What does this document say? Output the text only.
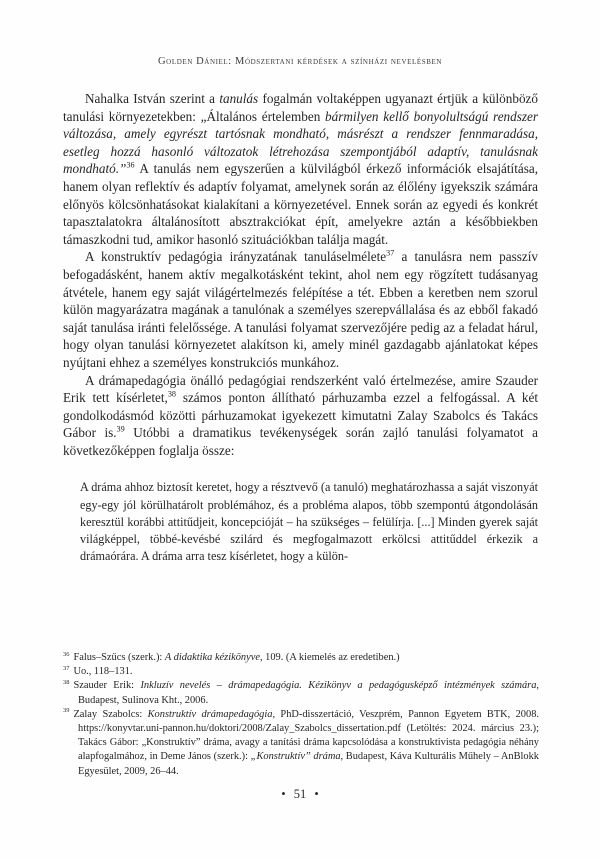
Golden Dániel: Módszertani kérdések a színházi nevelésben

Nahalka István szerint a tanulás fogalmán voltaképpen ugyanazt értjük a különböző tanulási környezetekben: „Általános értelemben bármilyen kellő bonyolultságú rendszer változása, amely egyrészt tartósnak mondható, másrészt a rendszer fennmaradása, esetleg hozzá hasonló változatok létrehozása szempontjából adaptív, tanulásnak mondható.”$^{36}$ A tanulás nem egyszerűen a külvilágból érkező információk elsajátítása, hanem olyan reflektív és adaptív folyamat, amelynek során az élőlény igyekszik számára előnyös kölcsönhatásokat kialakítani a környezetével. Ennek során az egyedi és konkrét tapasztalatokra általánosított absztrakciókat épít, amelyekre aztán a későbbiekben támaszkodni tud, amikor hasonló szituációkban találja magát.

A konstruktív pedagógia irányzatának tanuláselmélete$^{37}$ a tanulásra nem passzív befogadásként, hanem aktív megalkotásként tekint, ahol nem egy rögzített tudásanyag átvétele, hanem egy saját világértelmezés felépítése a tét. Ebben a keretben nem szorul külön magyarázatra magának a tanulónak a személyes szerepvállalása és az ebből fakadó saját tanulása iránti felelőssége. A tanulási folyamat szervezőjére pedig az a feladat hárul, hogy olyan tanulási környezetet alakítson ki, amely minél gazdagabb ajánlatokat képes nyújtani ehhez a személyes konstrukciós munkához.

A drámapedagógia önálló pedagógiai rendszerként való értelmezése, amire Szauder Erik tett kísérletet,$^{38}$ számos ponton állítható párhuzamba ezzel a felfogással. A két gondolkodásmód közötti párhuzamokat igyekezett kimutatni Zalay Szabolcs és Takács Gábor is.$^{39}$ Utóbbi a dramatikus tevékenységek során zajló tanulási folyamatot a következőképpen foglalja össze:

A dráma ahhoz biztosít keretet, hogy a résztvevő (a tanuló) meghatározhassa a saját viszonyát egy-egy jól körülhatárolt problémához, és a probléma alapos, több szempontú átgondolásán keresztül korábbi attitűdjeit, koncepcióját – ha szükséges – felülírja. [...] Minden gyerek saját világképpel, többé-kevésbé szilárd és megfogalmazott erkölcsi attitűddel érkezik a drámaórára. A dráma arra tesz kísérletet, hogy a külön-
$^{36}$ Falus–Szűcs (szerk.): A didaktika kézikönyve, 109. (A kiemelés az eredetiben.)
$^{37}$ Uo., 118–131.
$^{38}$ Szauder Erik: Inkluzív nevelés – drámapedagógia. Kézikönyv a pedagógusképző intézmények számára, Budapest, Sulinova Kht., 2006.
$^{39}$ Zalay Szabolcs: Konstruktív drámapedagógia, PhD-disszertáció, Veszprém, Pannon Egyetem BTK, 2008. https://konyvtar.uni-pannon.hu/doktori/2008/Zalay_Szabolcs_dissertation.pdf (Letöltés: 2024. március 23.); Takács Gábor: „Konstruktív” dráma, avagy a tanítási dráma kapcsolódása a konstruktivista pedagógia néhány alapfogalmához, in Deme János (szerk.): „Konstruktív” dráma, Budapest, Káva Kulturális Műhely – AnBlokk Egyesület, 2009, 26–44.
• 51 •
